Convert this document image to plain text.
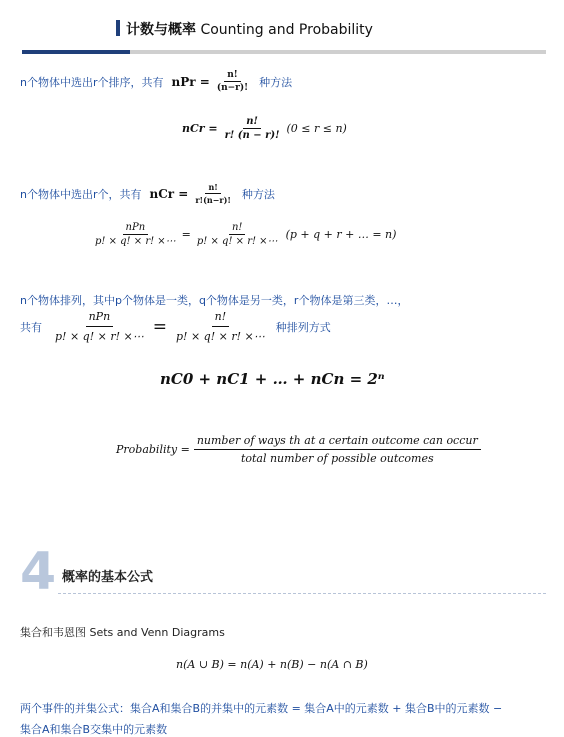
计数与概率 Counting and Probability
n个物体中选出r个排序，共有 nPr = $\frac{n!}{(n-r)!}$ 种方法
nCr = $\frac{n!}{r! (n - r)!} (0 \le r \le n)$
n个物体中选出r个，共有 nCr = $\frac{n!}{r!(n-r)!}$ 种方法
$\frac{\text{nPn}}{p! \times q! \times r! \times\cdots} = \frac{n!}{p! \times q! \times r! \times\cdots} (p + q + r$ + … = n)
n个物体排列，其中p个物体是一类，q个物体是另一类，r个物体是第三类，…，
共有 $\frac{\text{nPn}}{p! \times q! \times r! \times\cdots} = \frac{n!}{p! \times q! \times r! \times\cdots}$ 种排列方式
nC0 + nC1 + … + nCn = 2ⁿ
Probability = $\frac{\text{number of ways tℎ at a certain outcome can occur}}{\text{total number of possible outcomes}}$
4 概率的基本公式
集合和韦恩图 Sets and Venn Diagrams
n(A ∪ B) = n(A) + n(B) − n(A ∩ B)
两个事件的并集公式：集合A和集合B的并集中的元素数 = 集合A中的元素数 + 集合B中的元素数 −
集合A和集合B交集中的元素数
